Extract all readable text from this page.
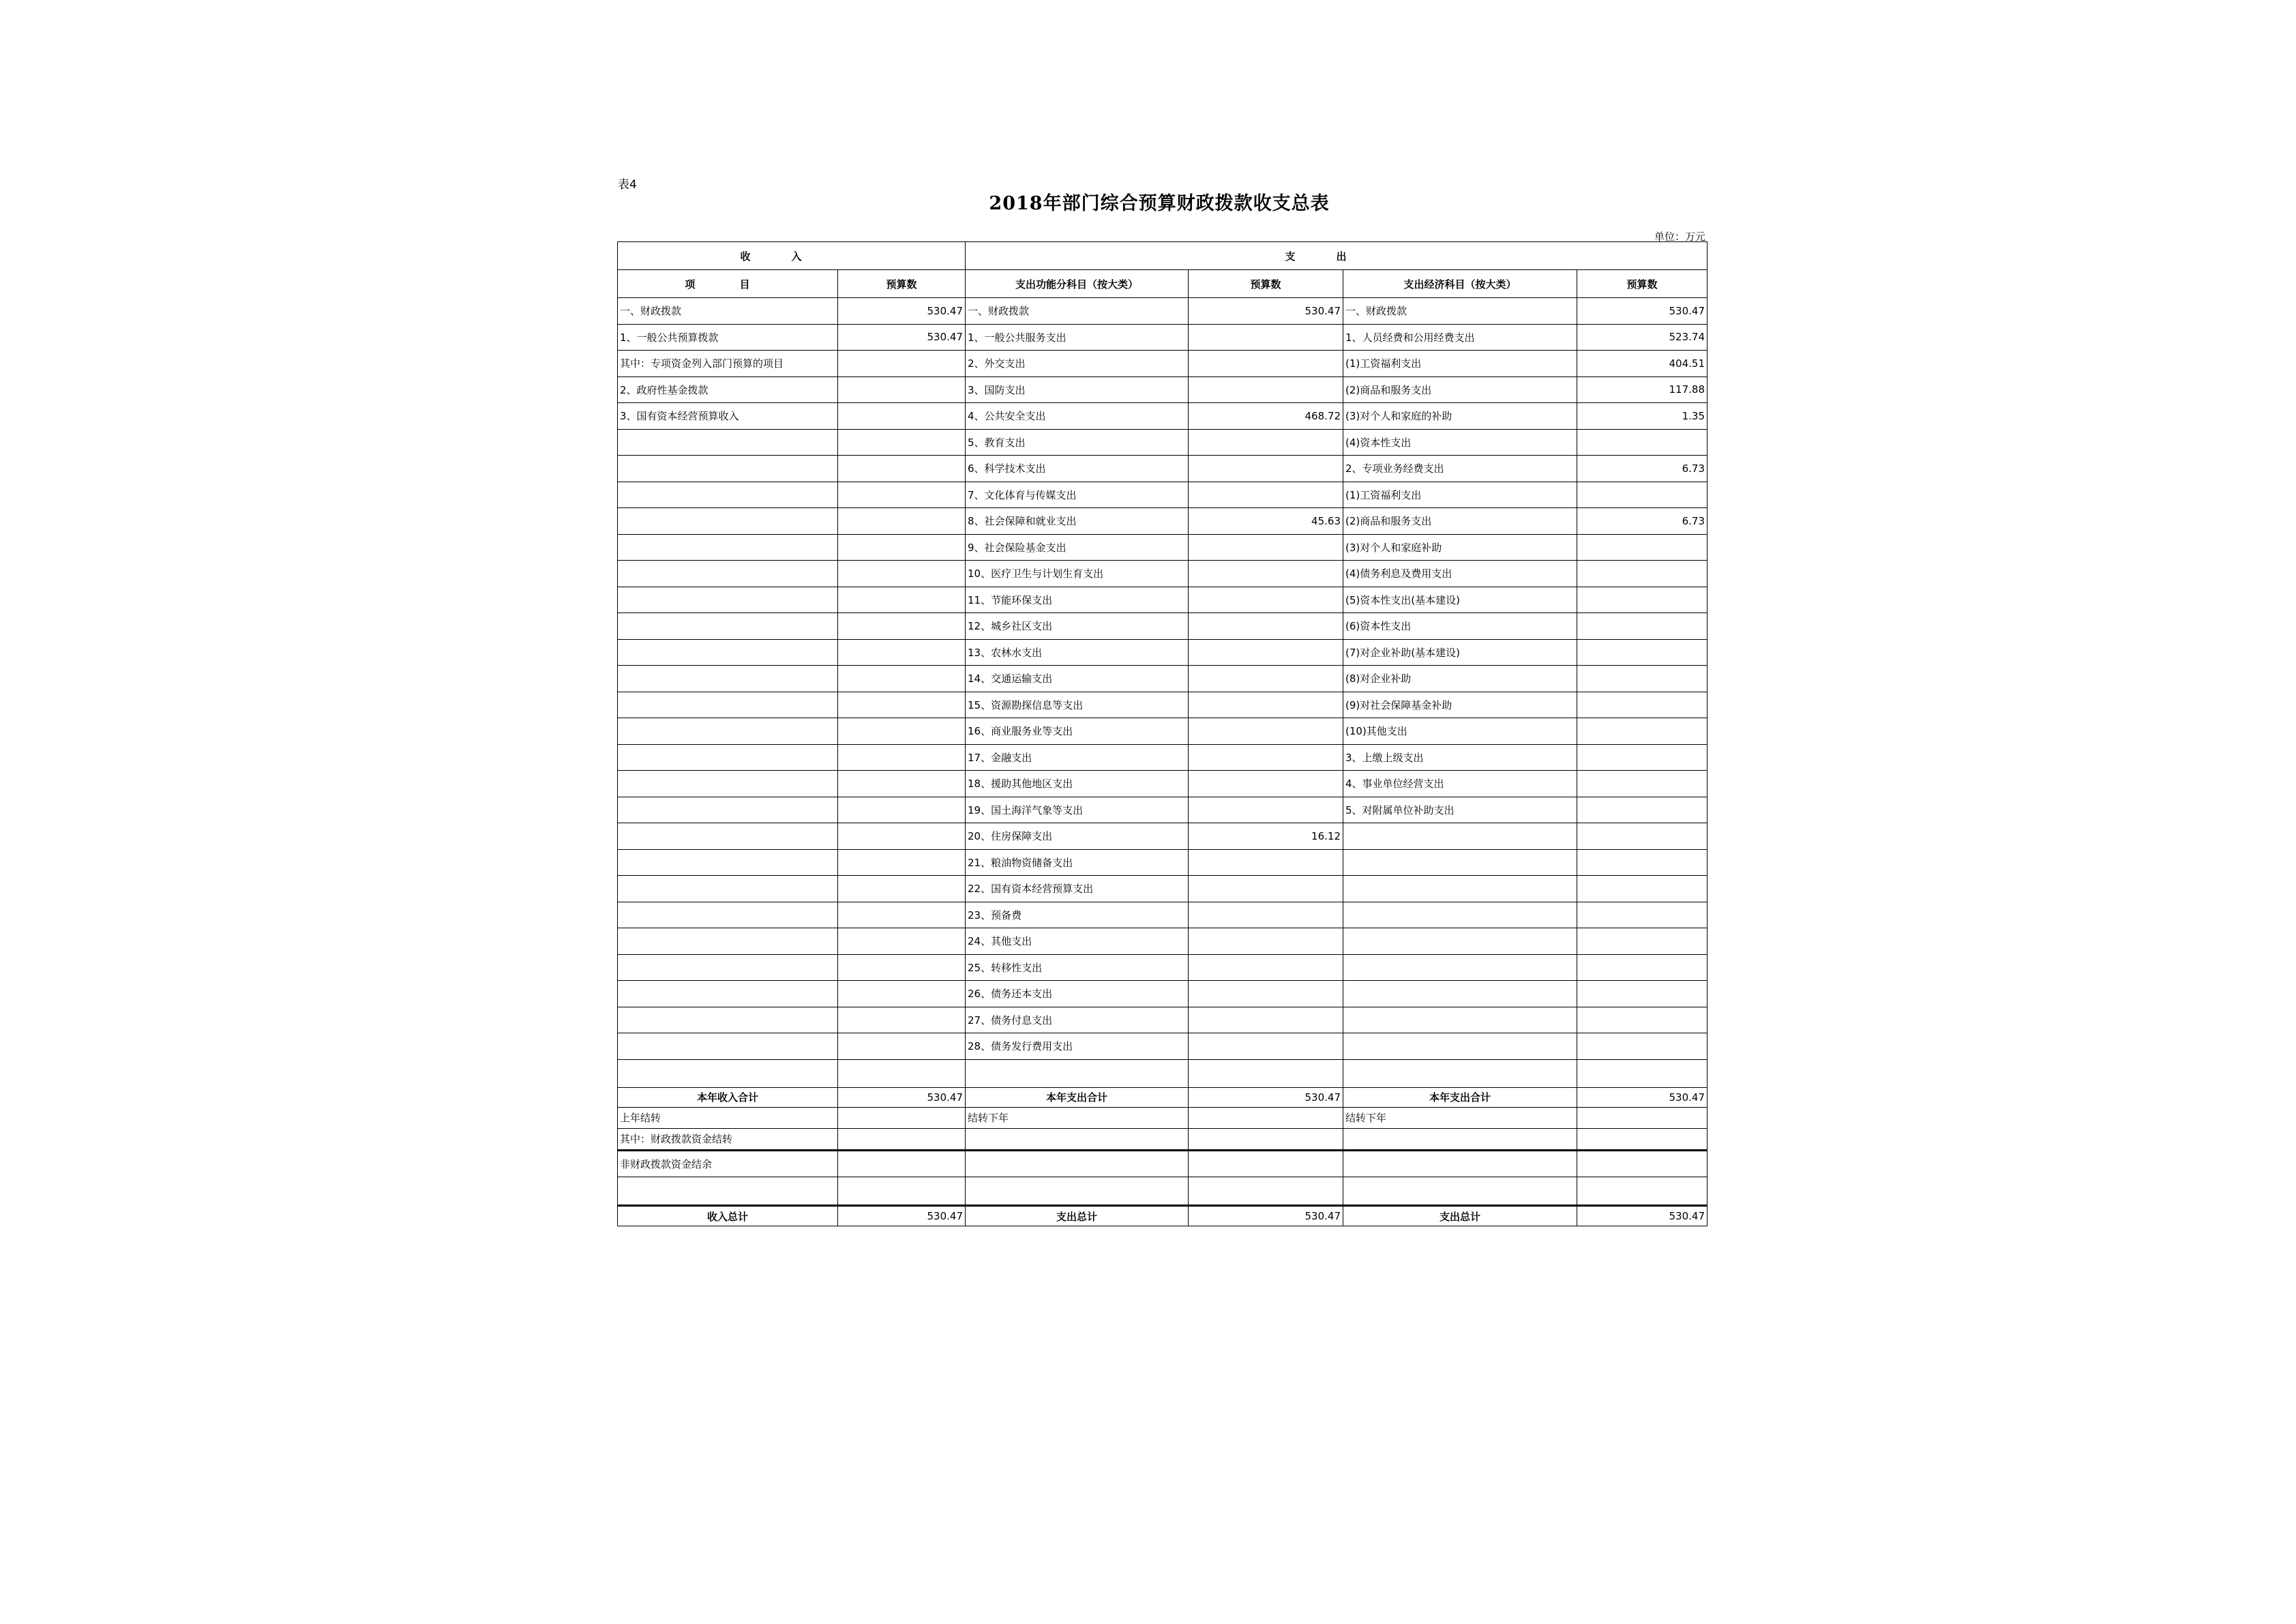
表4
2018年部门综合预算财政拨款收支总表
单位：万元
收入		支出			
项 目	预算数	支出功能分科目（按大类）	预算数	支出经济科目（按大类）	预算数
一、财政拨款	530.47	一、财政拨款	530.47	一、财政拨款	530.47
1、一般公共预算拨款	530.47	1、一般公共服务支出		1、人员经费和公用经费支出	523.74
其中：专项资金列入部门预算的项目		2、外交支出		(1)工资福利支出	404.51
2、政府性基金拨款		3、国防支出		(2)商品和服务支出	117.88
3、国有资本经营预算收入		4、公共安全支出	468.72	(3)对个人和家庭的补助	1.35
		5、教育支出		(4)资本性支出	
		6、科学技术支出		2、专项业务经费支出	6.73
		7、文化体育与传媒支出		(1)工资福利支出	
		8、社会保障和就业支出	45.63	(2)商品和服务支出	6.73
		9、社会保险基金支出		(3)对个人和家庭补助	
		10、医疗卫生与计划生育支出		(4)债务利息及费用支出	
		11、节能环保支出		(5)资本性支出(基本建设)	
		12、城乡社区支出		(6)资本性支出	
		13、农林水支出		(7)对企业补助(基本建设)	
		14、交通运输支出		(8)对企业补助	
		15、资源勘探信息等支出		(9)对社会保障基金补助	
		16、商业服务业等支出		(10)其他支出	
		17、金融支出		3、上缴上级支出	
		18、援助其他地区支出		4、事业单位经营支出	
		19、国土海洋气象等支出		5、对附属单位补助支出	
		20、住房保障支出	16.12		
		21、粮油物资储备支出			
		22、国有资本经营预算支出			
		23、预备费			
		24、其他支出			
		25、转移性支出			
		26、债务还本支出			
		27、债务付息支出			
		28、债务发行费用支出			

本年收入合计	530.47	本年支出合计	530.47	本年支出合计	530.47
上年结转		结转下年		结转下年	
其中：财政拨款资金结转					
非财政拨款资金结余					

收入总计	530.47	支出总计	530.47	支出总计	530.47
